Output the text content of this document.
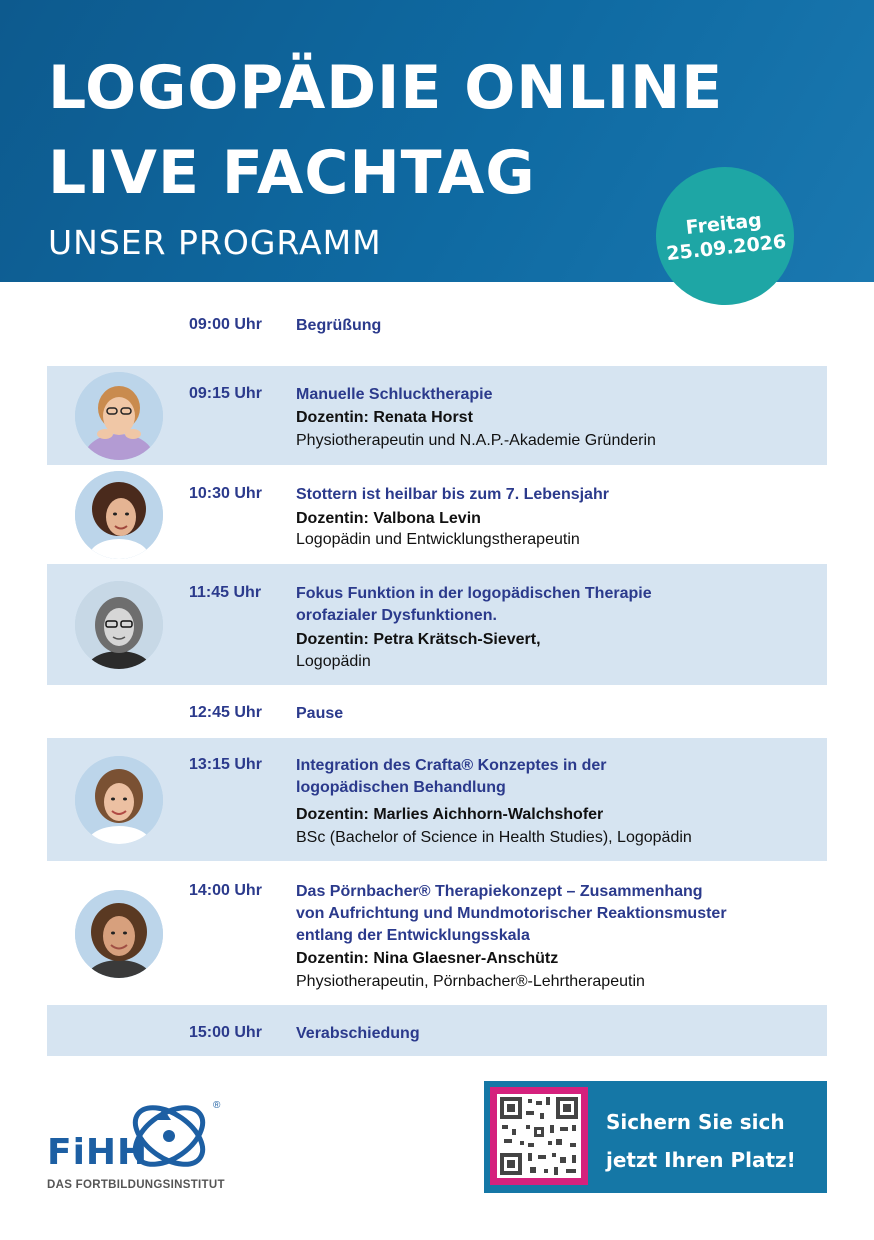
LOGOPÄDIE ONLINE
LIVE FACHTAG
UNSER PROGRAMM	Freitag
25.09.2026
09:00 Uhr Begrüßung
09:15 Uhr Manuelle Schlucktherapie
Dozentin: Renata Horst
Physiotherapeutin und N.A.P.-Akademie Gründerin
10:30 Uhr Stottern ist heilbar bis zum 7. Lebensjahr
Dozentin: Valbona Levin
Logopädin und Entwicklungstherapeutin
11:45 Uhr Fokus Funktion in der logopädischen Therapie
orofazialer Dysfunktionen.
Dozentin: Petra Krätsch-Sievert,
Logopädin
12:45 Uhr Pause
13:15 Uhr Integration des Crafta® Konzeptes in der
logopädischen Behandlung
Dozentin: Marlies Aichhorn-Walchshofer
BSc (Bachelor of Science in Health Studies), Logopädin
14:00 Uhr Das Pörnbacher® Therapiekonzept – Zusammenhang
von Aufrichtung und Mundmotorischer Reaktionsmuster
entlang der Entwicklungsskala
Dozentin: Nina Glaesner-Anschütz
Physiotherapeutin, Pörnbacher®-Lehrtherapeutin
15:00 Uhr Verabschiedung
FiHH
®
DAS FORTBILDUNGSINSTITUT
Sichern Sie sich
jetzt Ihren Platz!
